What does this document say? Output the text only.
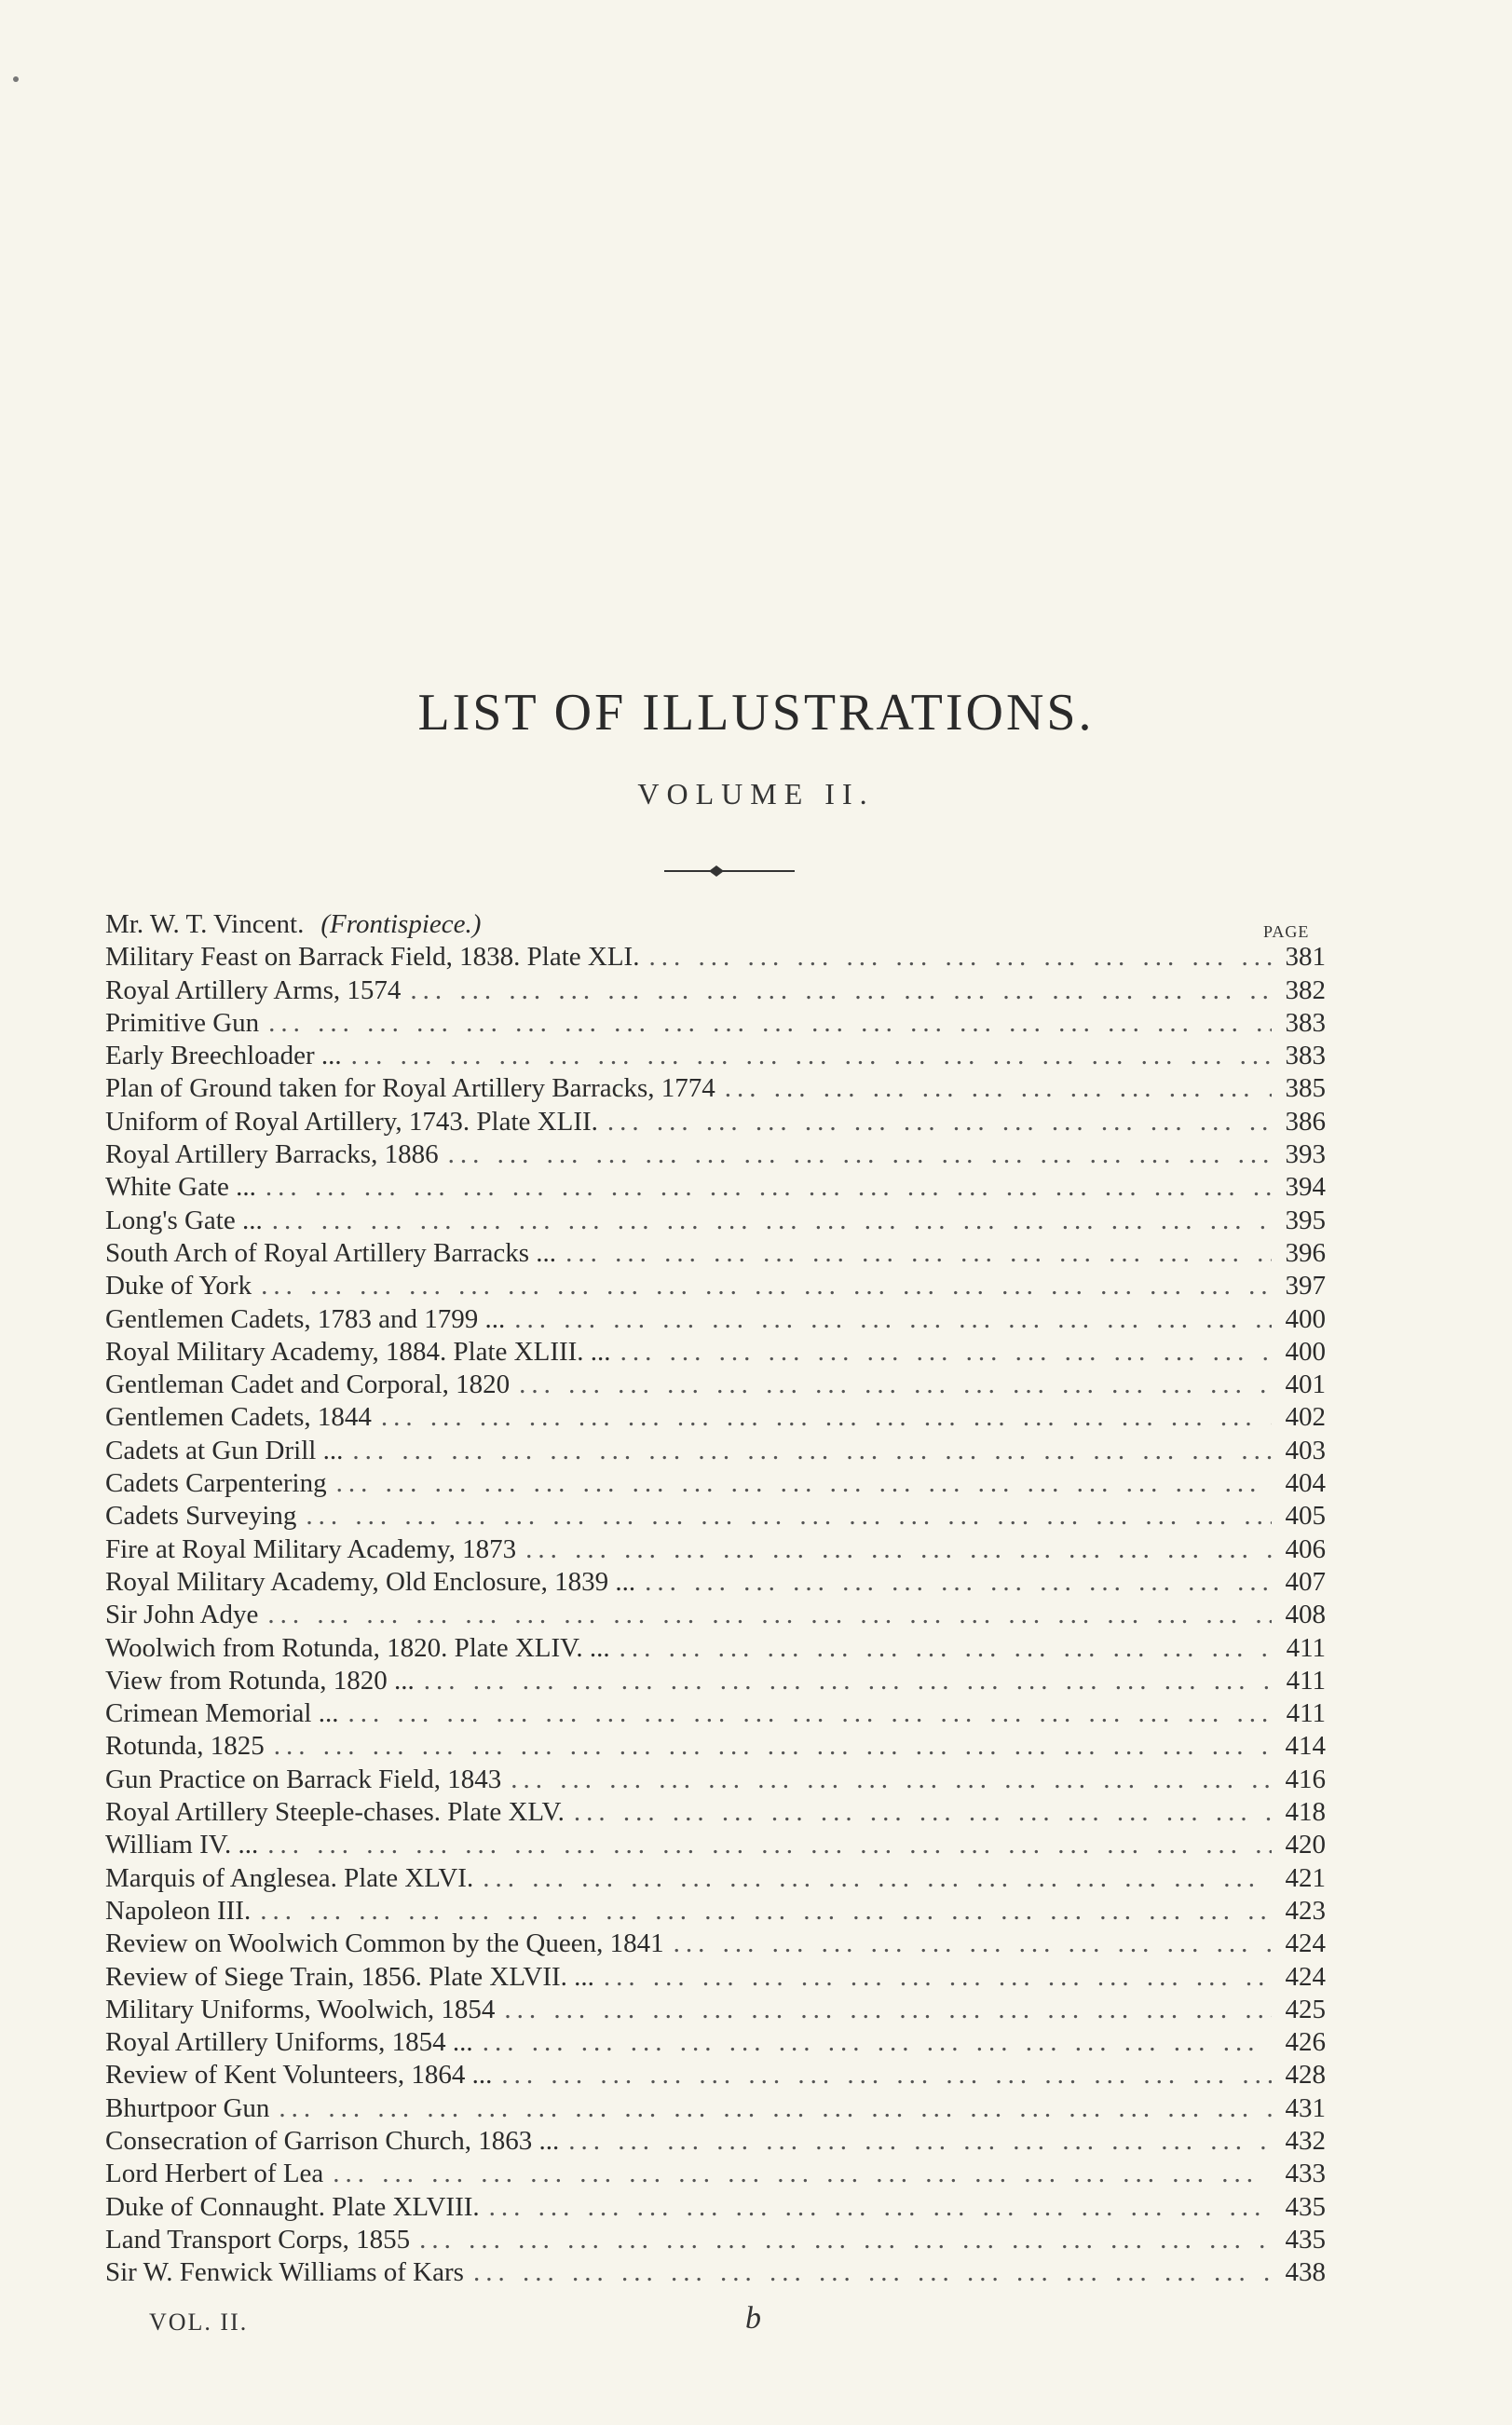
LIST OF ILLUSTRATIONS.
VOLUME II.
PAGE
Mr. W. T. Vincent. (Frontispiece.)
Military Feast on Barrack Field, 1838. Plate XLI. ... .	381
Royal Artillery Arms, 1574 ... .	382
Primitive Gun ... .	383
Early Breechloader ... ... .	383
Plan of Ground taken for Royal Artillery Barracks, 1774 ... .	385
Uniform of Royal Artillery, 1743. Plate XLII. ... .	386
Royal Artillery Barracks, 1886 ... .	393
White Gate ... ... .	394
Long's Gate ... ... .	395
South Arch of Royal Artillery Barracks ... ... .	396
Duke of York ... .	397
Gentlemen Cadets, 1783 and 1799 ... ... .	400
Royal Military Academy, 1884. Plate XLIII. ... ... .	400
Gentleman Cadet and Corporal, 1820 ... .	401
Gentlemen Cadets, 1844 ... .	402
Cadets at Gun Drill ... ... .	403
Cadets Carpentering ... .	404
Cadets Surveying ... .	405
Fire at Royal Military Academy, 1873 ... .	406
Royal Military Academy, Old Enclosure, 1839 ... ... .	407
Sir John Adye ... .	408
Woolwich from Rotunda, 1820. Plate XLIV. ... ... .	411
View from Rotunda, 1820 ... ... .	411
Crimean Memorial ... ... .	411
Rotunda, 1825 ... .	414
Gun Practice on Barrack Field, 1843 ... .	416
Royal Artillery Steeple-chases. Plate XLV. ... .	418
William IV. ... ... .	420
Marquis of Anglesea. Plate XLVI. ... .	421
Napoleon III. ... .	423
Review on Woolwich Common by the Queen, 1841 ... .	424
Review of Siege Train, 1856. Plate XLVII. ... ... .	424
Military Uniforms, Woolwich, 1854 ... .	425
Royal Artillery Uniforms, 1854 ... ... .	426
Review of Kent Volunteers, 1864 ... ... .	428
Bhurtpoor Gun ... .	431
Consecration of Garrison Church, 1863 ... ... .	432
Lord Herbert of Lea ... .	433
Duke of Connaught. Plate XLVIII. ... .	435
Land Transport Corps, 1855 ... .	435
Sir W. Fenwick Williams of Kars ... .	438
VOL. II.	b
